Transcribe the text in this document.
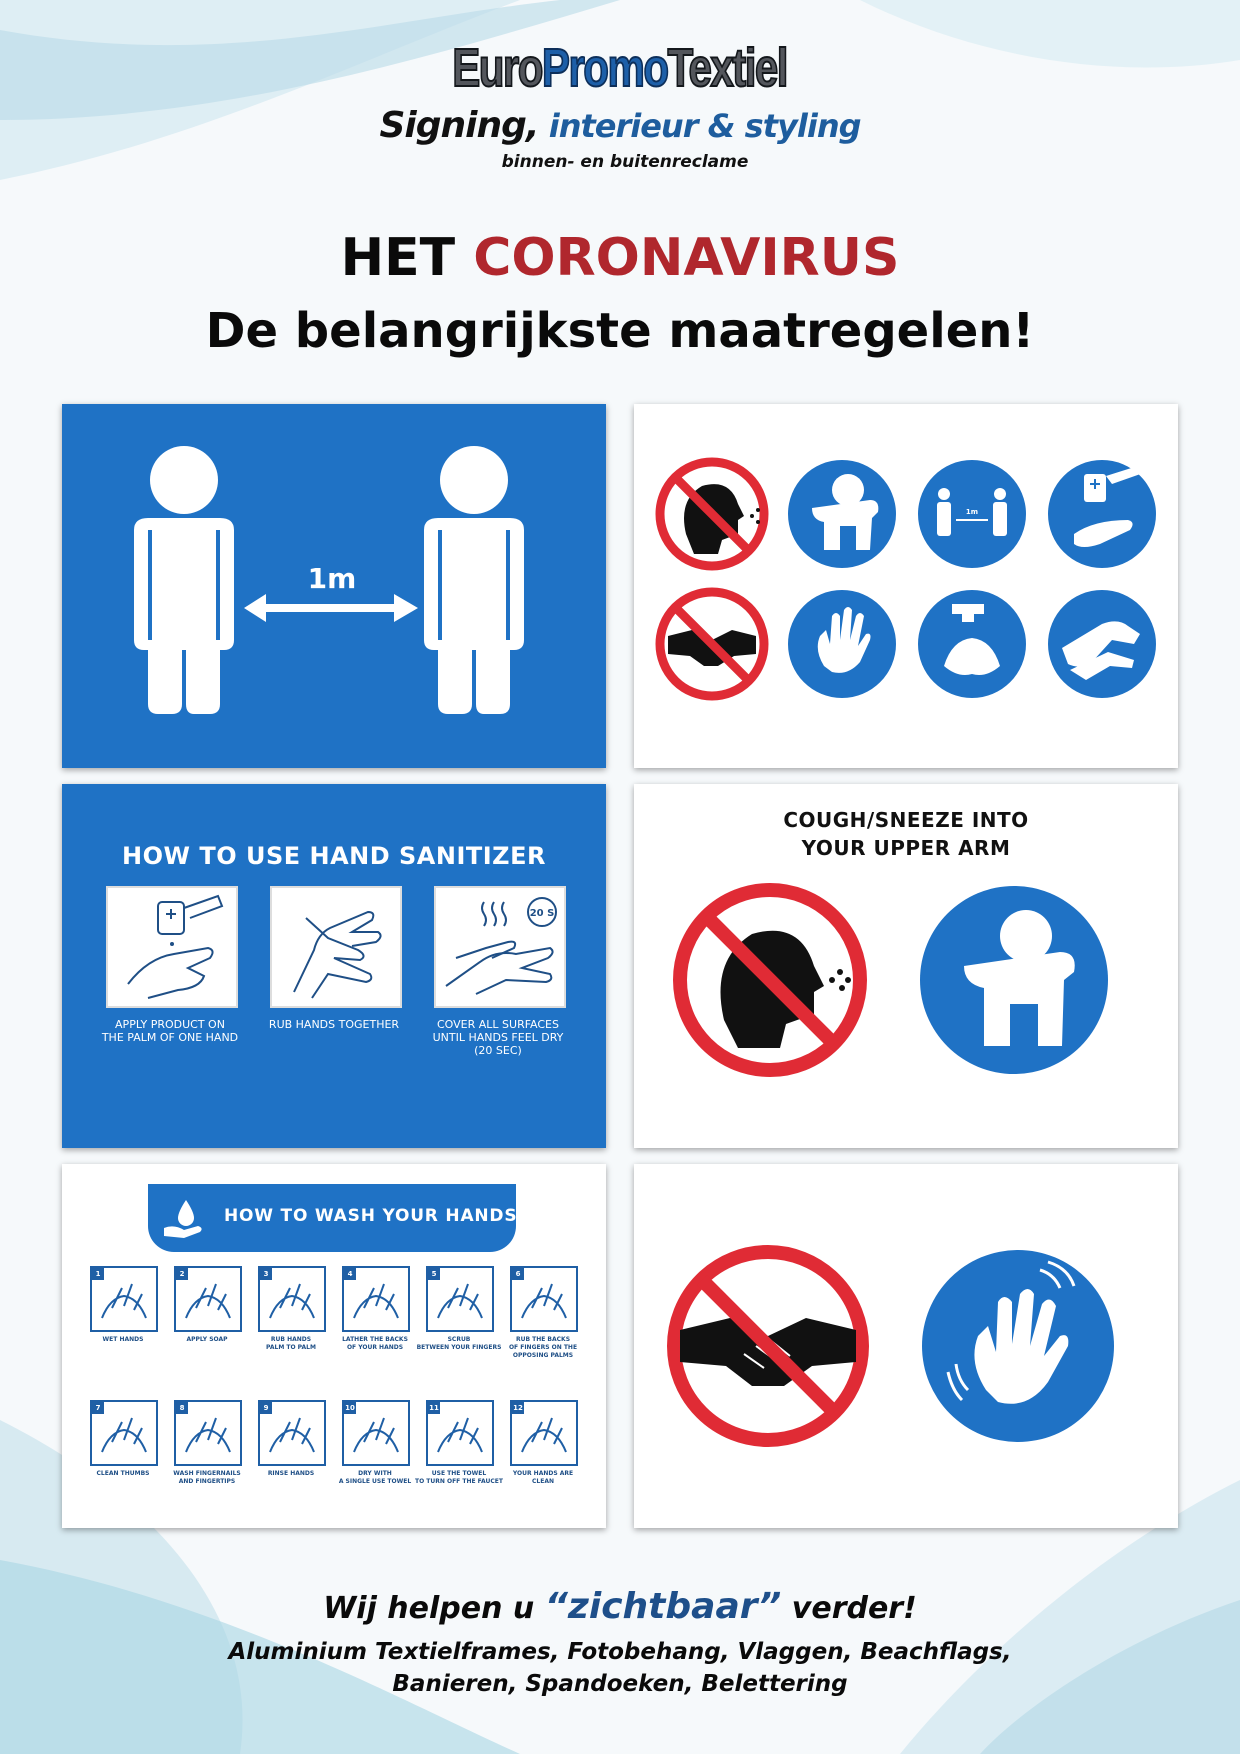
EuroPromoTextiel
Signing, interieur & styling
binnen- en buitenreclame
HET CORONAVIRUS
De belangrijkste maatregelen!
1m
1m
HOW TO USE HAND SANITIZER
20 S
APPLY PRODUCT ON
THE PALM OF ONE HAND
RUB HANDS TOGETHER	COVER ALL SURFACES
UNTIL HANDS FEEL DRY
(20 SEC)
COUGH/SNEEZE INTO
YOUR UPPER ARM
HOW TO WASH YOUR HANDS
1
WET HANDS
2
APPLY SOAP
3
RUB HANDS
PALM TO PALM
4
LATHER THE BACKS
OF YOUR HANDS
5
SCRUB
BETWEEN YOUR FINGERS
6
RUB THE BACKS
OF FINGERS ON THE OPPOSING PALMS
7
CLEAN THUMBS
8
WASH FINGERNAILS
AND FINGERTIPS
9
RINSE HANDS
10
DRY WITH
A SINGLE USE TOWEL
11
USE THE TOWEL
TO TURN OFF THE FAUCET
12
YOUR HANDS ARE
CLEAN
Wij helpen u “zichtbaar” verder!
Aluminium Textielframes, Fotobehang, Vlaggen, Beachflags,
Banieren, Spandoeken, Belettering
